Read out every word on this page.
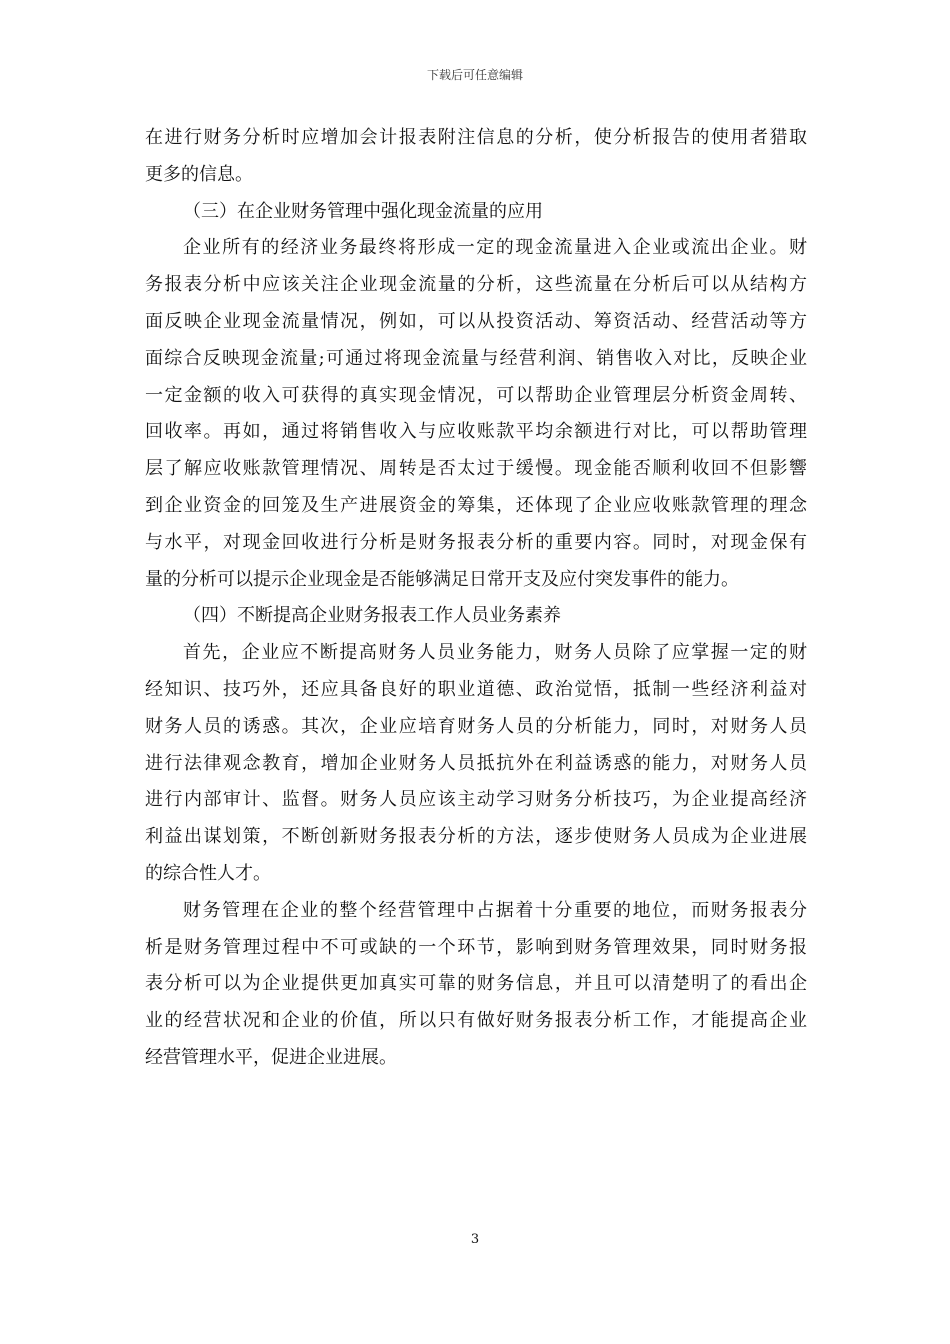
下载后可任意编辑
在进行财务分析时应增加会计报表附注信息的分析，使分析报告的使用者猎取
更多的信息。
（三）在企业财务管理中强化现金流量的应用
企业所有的经济业务最终将形成一定的现金流量进入企业或流出企业。财
务报表分析中应该关注企业现金流量的分析，这些流量在分析后可以从结构方
面反映企业现金流量情况，例如，可以从投资活动、筹资活动、经营活动等方
面综合反映现金流量;可通过将现金流量与经营利润、销售收入对比，反映企业
一定金额的收入可获得的真实现金情况，可以帮助企业管理层分析资金周转、
回收率。再如，通过将销售收入与应收账款平均余额进行对比，可以帮助管理
层了解应收账款管理情况、周转是否太过于缓慢。现金能否顺利收回不但影響
到企业资金的回笼及生产进展资金的筹集，还体现了企业应收账款管理的理念
与水平，对现金回收进行分析是财务报表分析的重要内容。同时，对现金保有
量的分析可以提示企业现金是否能够满足日常开支及应付突发事件的能力。
（四）不断提高企业财务报表工作人员业务素养
首先，企业应不断提高财务人员业务能力，财务人员除了应掌握一定的财
经知识、技巧外，还应具备良好的职业道德、政治觉悟，抵制一些经济利益对
财务人员的诱惑。其次，企业应培育财务人员的分析能力，同时，对财务人员
进行法律观念教育，增加企业财务人员抵抗外在利益诱惑的能力，对财务人员
进行内部审计、监督。财务人员应该主动学习财务分析技巧，为企业提高经济
利益出谋划策，不断创新财务报表分析的方法，逐步使财务人员成为企业进展
的综合性人才。
财务管理在企业的整个经营管理中占据着十分重要的地位，而财务报表分
析是财务管理过程中不可或缺的一个环节，影响到财务管理效果，同时财务报
表分析可以为企业提供更加真实可靠的财务信息，并且可以清楚明了的看出企
业的经营状况和企业的价值，所以只有做好财务报表分析工作，才能提高企业
经营管理水平，促进企业进展。
3
